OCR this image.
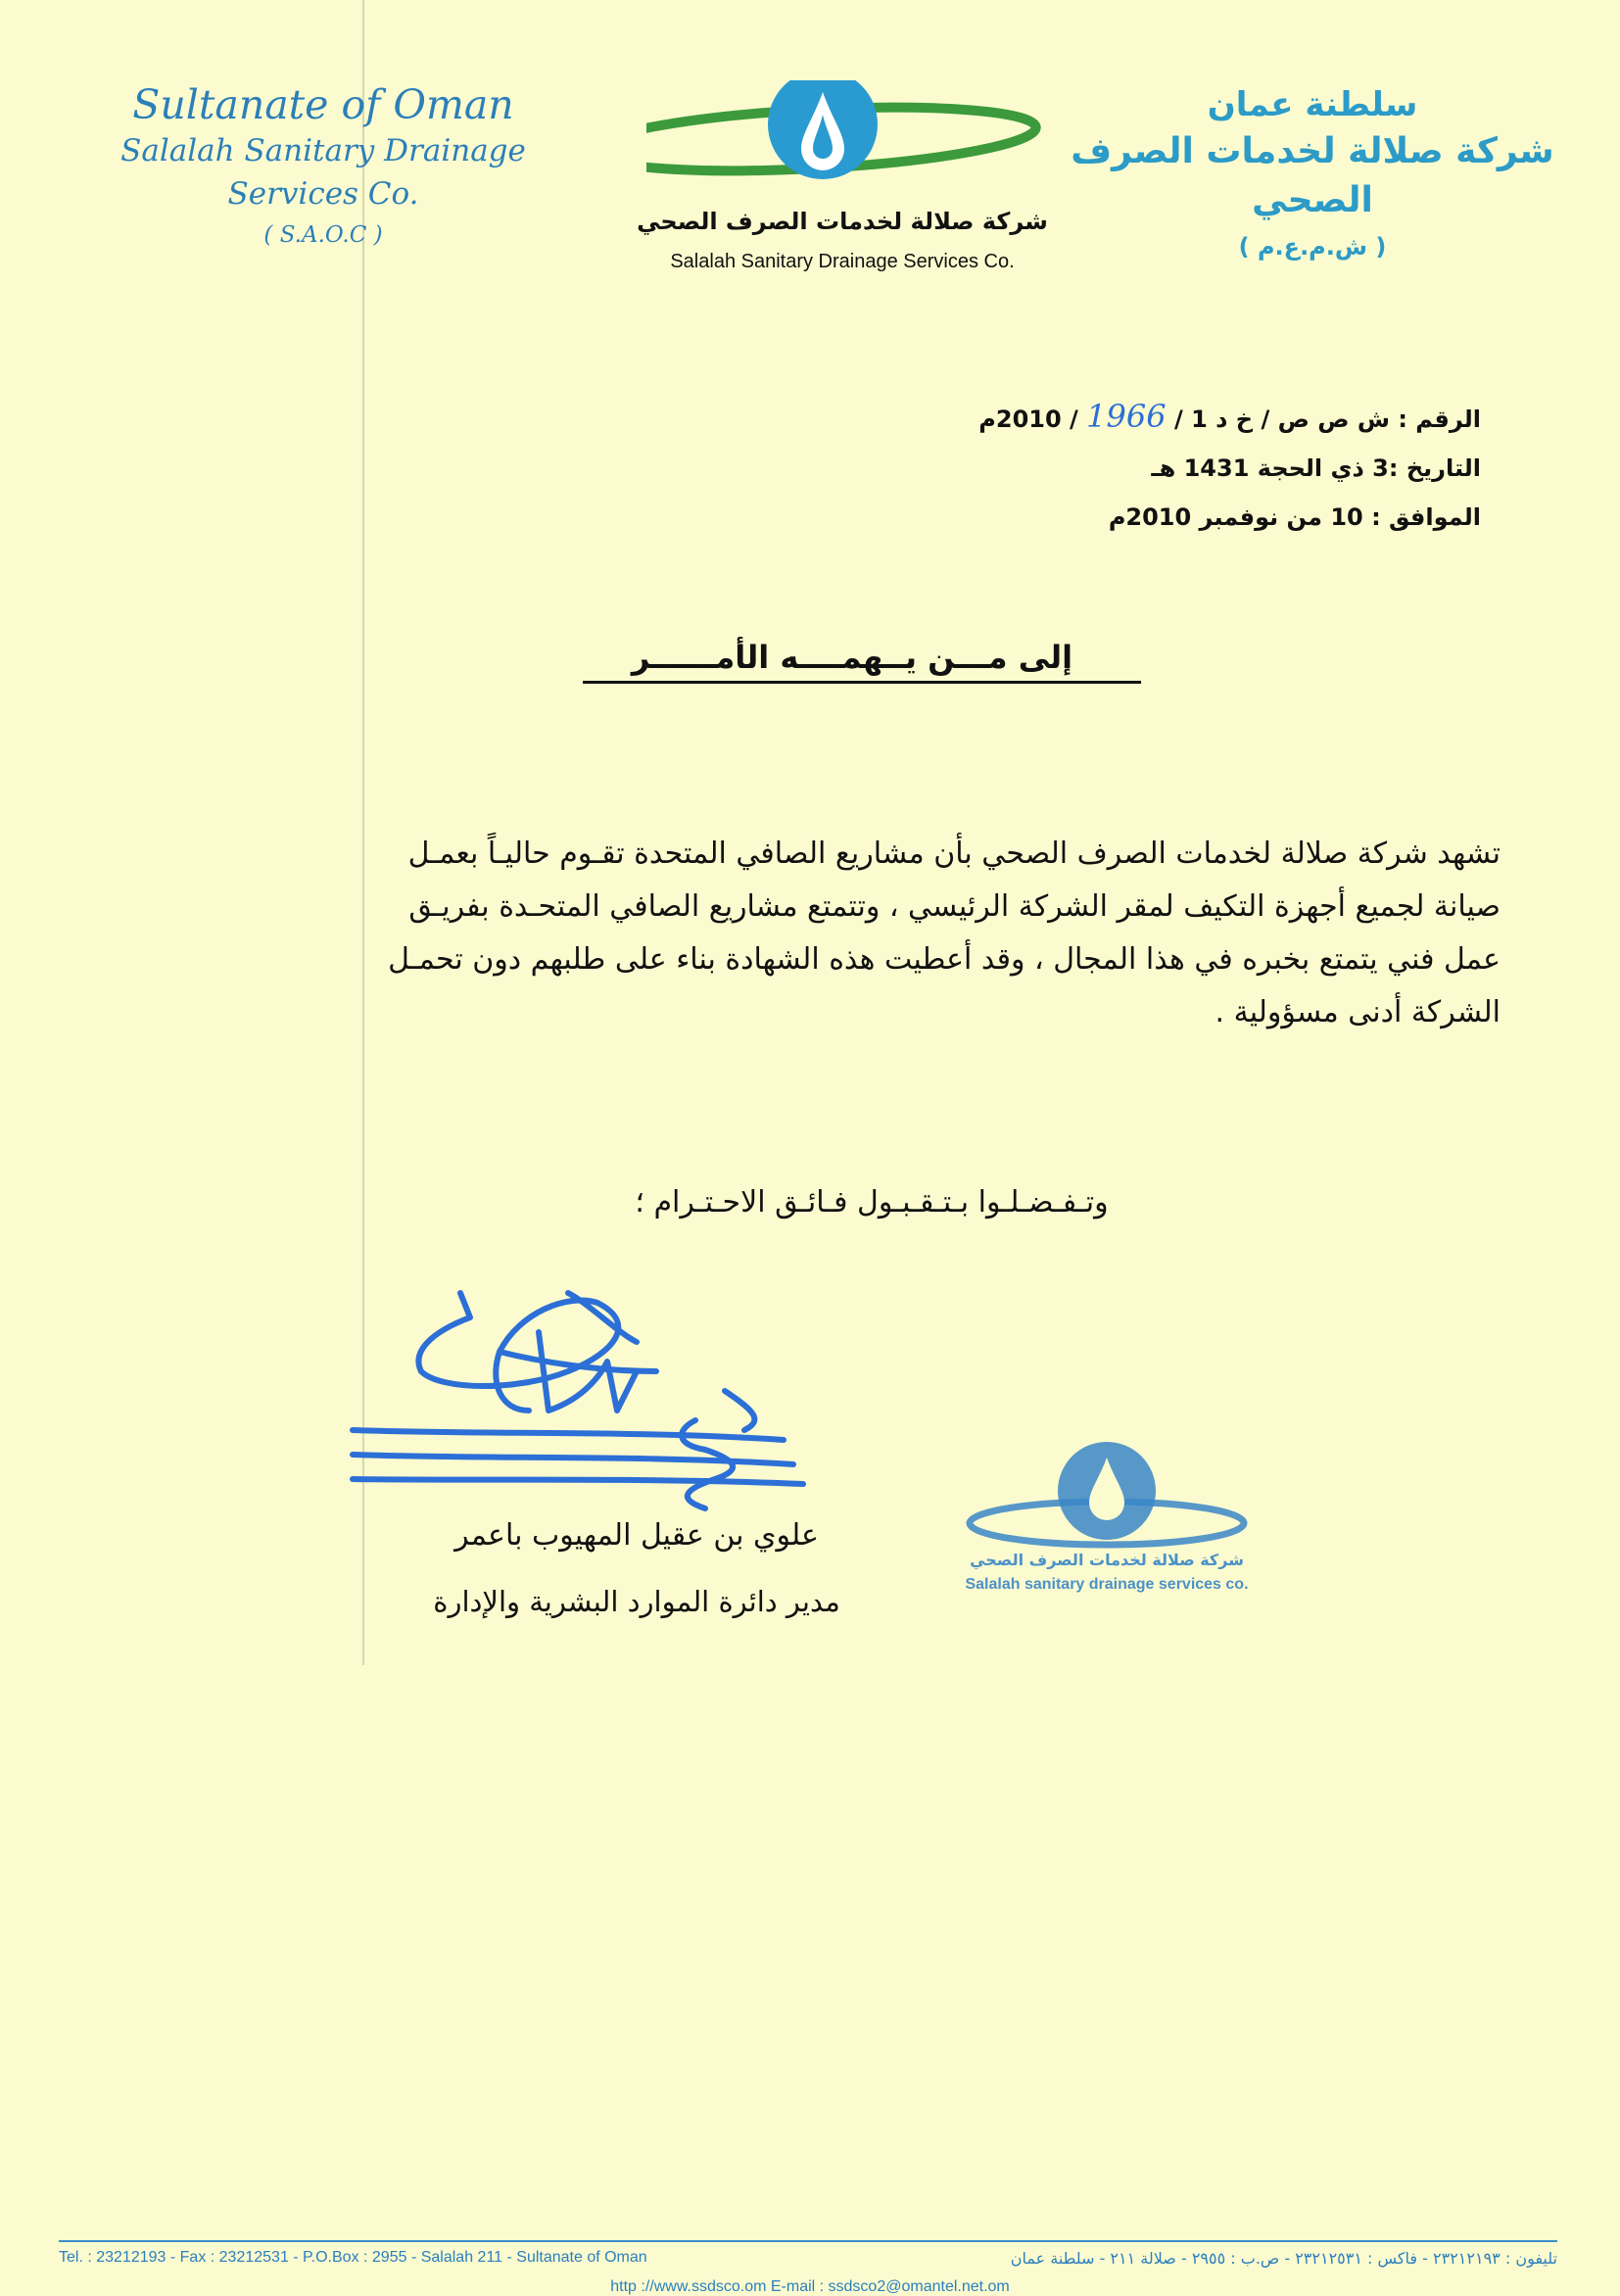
Sultanate of Oman
Salalah Sanitary Drainage Services Co.
( S.A.O.C )	شركة صلالة لخدمات الصرف الصحي
Salalah Sanitary Drainage Services Co.
سلطنة عمان
شركة صلالة لخدمات الصرف الصحي
( ش.م.ع.م )
الرقم : ش ص ص / خ د 1 / 1966 / 2010م
التاريخ :3 ذي الحجة 1431 هـ
الموافق : 10 من نوفمبر 2010م
إلى مـــن يــهمــــه الأمــــــر

تشهد شركة صلالة لخدمات الصرف الصحي بأن مشاريع الصافي المتحدة تقـوم حاليـاً بعمـل

صيانة لجميع أجهزة التكيف لمقر الشركة الرئيسي ، وتتمتع مشاريع الصافي المتحـدة بفريـق

عمل فني يتمتع بخبره في هذا المجال ، وقد أعطيت هذه الشهادة بناء على طلبهم دون تحمـل

الشركة أدنى مسؤولية .

وتـفـضـلـوا بـتـقـبـول فـائـق الاحـتـرام ؛
علوي بن عقيل المهيوب باعمر
مدير دائرة الموارد البشرية والإدارة
شركة صلالة لخدمات الصرف الصحي
Salalah sanitary drainage services co.
Tel. : 23212193 - Fax : 23212531 - P.O.Box : 2955 - Salalah 211 - Sultanate of Oman	تليفون : ٢٣٢١٢١٩٣ - فاكس : ٢٣٢١٢٥٣١ - ص.ب : ٢٩٥٥ - صلالة ٢١١ - سلطنة عمان
http ://www.ssdsco.om E-mail : ssdsco2@omantel.net.om
